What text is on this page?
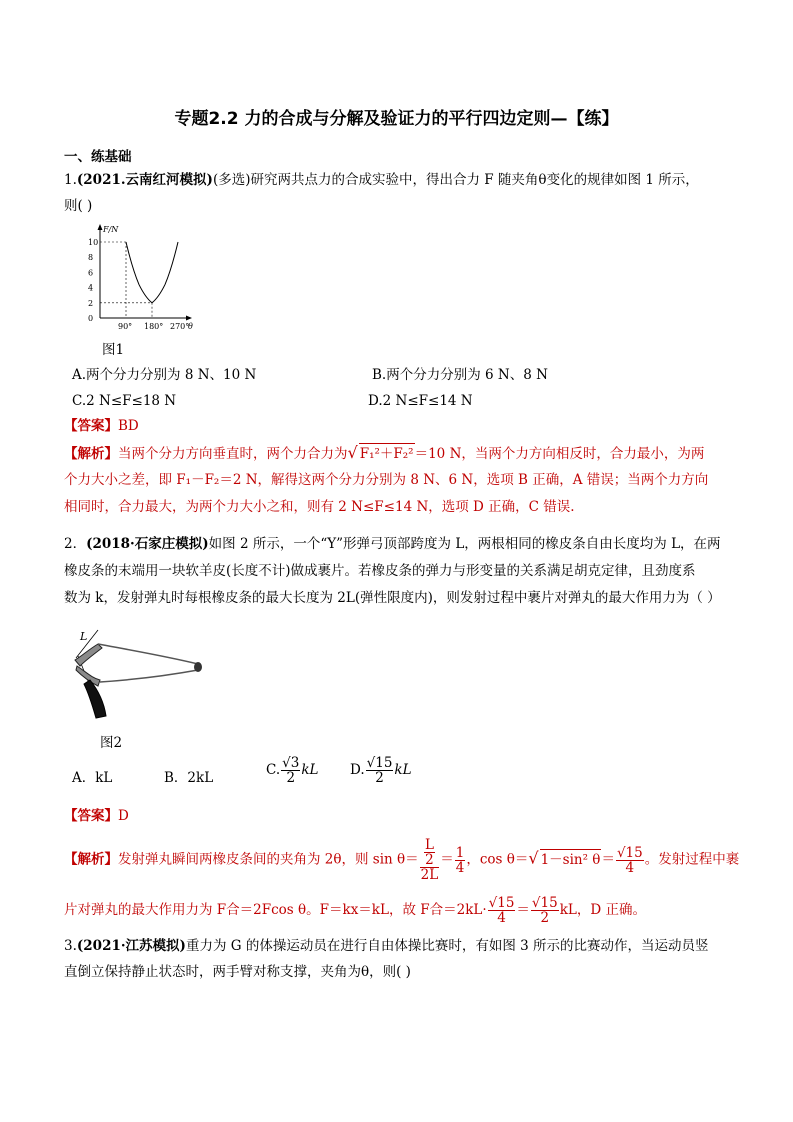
专题2.2 力的合成与分解及验证力的平行四边定则—【练】
一、练基础
1.(2021.云南红河模拟)(多选)研究两共点力的合成实验中，得出合力 F 随夹角θ变化的规律如图 1 所示，
则( )
F/N
θ
10
8
6
4
2
0
90° 180° 270°
图1
A.两个分力分别为 8 N、10 N	B.两个分力分别为 6 N、8 N
C.2 N≤F≤18 N	D.2 N≤F≤14 N
【答案】BD
【解析】当两个分力方向垂直时，两个力合力为√ F₁²＋F₂²＝10 N，当两个力方向相反时，合力最小，为两
个力大小之差，即 F₁－F₂＝2 N，解得这两个分力分别为 8 N、6 N，选项 B 正确，A 错误；当两个力方向
相同时，合力最大，为两个力大小之和，则有 2 N≤F≤14 N，选项 D 正确，C 错误.
2．(2018·石家庄模拟)如图 2 所示，一个“Y”形弹弓顶部跨度为 L，两根相同的橡皮条自由长度均为 L，在两
橡皮条的末端用一块软羊皮(长度不计)做成裹片。若橡皮条的弹力与形变量的关系满足胡克定律，且劲度系
数为 k，发射弹丸时每根橡皮条的最大长度为 2L(弹性限度内)，则发射过程中裹片对弹丸的最大作用力为（ ）
L
图2
A．kL	B．2kL	C. $\frac{√3}{2}$ kL D. $\frac{√15}{2}$ kL
【答案】D
【解析】发射弹丸瞬间两橡皮条间的夹角为 2θ，则 $\sin \theta= \frac{\frac{L}{2}}{2L} = \frac{1}{4}$ ，cos θ＝√ 1－sin² $\theta= \frac{√15}{4}$ 。发射过程中裹
片对弹丸的最大作用力为 F合＝2Fcos θ。F＝kx＝kL，故 F合$=2kL\cdot \frac{√15}{4} = \frac{√15}{2}$ kL，D 正确。
3.(2021·江苏模拟)重力为 G 的体操运动员在进行自由体操比赛时，有如图 3 所示的比赛动作，当运动员竖
直倒立保持静止状态时，两手臂对称支撑，夹角为θ，则( )
